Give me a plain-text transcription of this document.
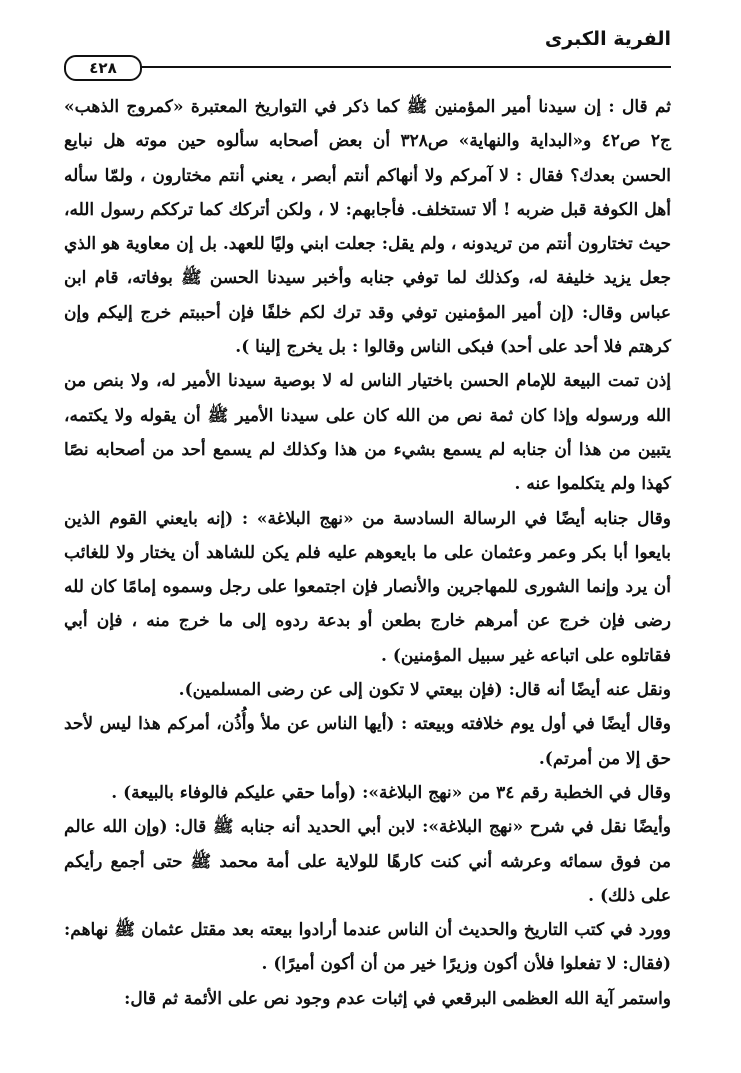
الفرية الكبرى
٤٢٨

ثم قال : إن سيدنا أمير المؤمنين ﷺ كما ذكر في التواريخ المعتبرة «كمروج الذهب» ج٢ ص٤٢ و«البداية والنهاية» ص٣٢٨ أن بعض أصحابه سألوه حين موته هل نبايع الحسن بعدك؟ فقال : لا آمركم ولا أنهاكم أنتم أبصر ، يعني أنتم مختارون ، ولمّا سأله أهل الكوفة قبل ضربه ! ألا تستخلف. فأجابهم: لا ، ولكن أتركك كما ترككم رسول الله، حيث تختارون أنتم من تريدونه ، ولم يقل: جعلت ابني وليًا للعهد. بل إن معاوية هو الذي جعل يزيد خليفة له، وكذلك لما توفي جنابه وأخبر سيدنا الحسن ﷺ بوفاته، قام ابن عباس وقال: (إن أمير المؤمنين توفي وقد ترك لكم خلفًا فإن أحببتم خرج إليكم وإن كرهتم فلا أحد على أحد) فبكى الناس وقالوا : بل يخرج إلينا ).

إذن تمت البيعة للإمام الحسن باختيار الناس له لا بوصية سيدنا الأمير له، ولا بنص من الله ورسوله وإذا كان ثمة نص من الله كان على سيدنا الأمير ﷺ أن يقوله ولا يكتمه، يتبين من هذا أن جنابه لم يسمع بشيء من هذا وكذلك لم يسمع أحد من أصحابه نصًا كهذا ولم يتكلموا عنه .

وقال جنابه أيضًا في الرسالة السادسة من «نهج البلاغة» : (إنه بايعني القوم الذين بايعوا أبا بكر وعمر وعثمان على ما بايعوهم عليه فلم يكن للشاهد أن يختار ولا للغائب أن يرد وإنما الشورى للمهاجرين والأنصار فإن اجتمعوا على رجل وسموه إمامًا كان لله رضى فإن خرج عن أمرهم خارج بطعن أو بدعة ردوه إلى ما خرج منه ، فإن أبي فقاتلوه على اتباعه غير سبيل المؤمنين) .

ونقل عنه أيضًا أنه قال: (فإن بيعتي لا تكون إلى عن رضى المسلمين).

وقال أيضًا في أول يوم خلافته وبيعته : (أيها الناس عن ملأ وأُذُن، أمركم هذا ليس لأحد حق إلا من أمرتم).

وقال في الخطبة رقم ٣٤ من «نهج البلاغة»: (وأما حقي عليكم فالوفاء بالبيعة) .

وأيضًا نقل في شرح «نهج البلاغة»: لابن أبي الحديد أنه جنابه ﷺ قال: (وإن الله عالم من فوق سمائه وعرشه أني كنت كارهًا للولاية على أمة محمد ﷺ حتى أجمع رأيكم على ذلك) .

وورد في كتب التاريخ والحديث أن الناس عندما أرادوا بيعته بعد مقتل عثمان ﷺ نهاهم: (فقال: لا تفعلوا فلأن أكون وزيرًا خير من أن أكون أميرًا) .

واستمر آية الله العظمى البرقعي في إثبات عدم وجود نص على الأئمة ثم قال:
